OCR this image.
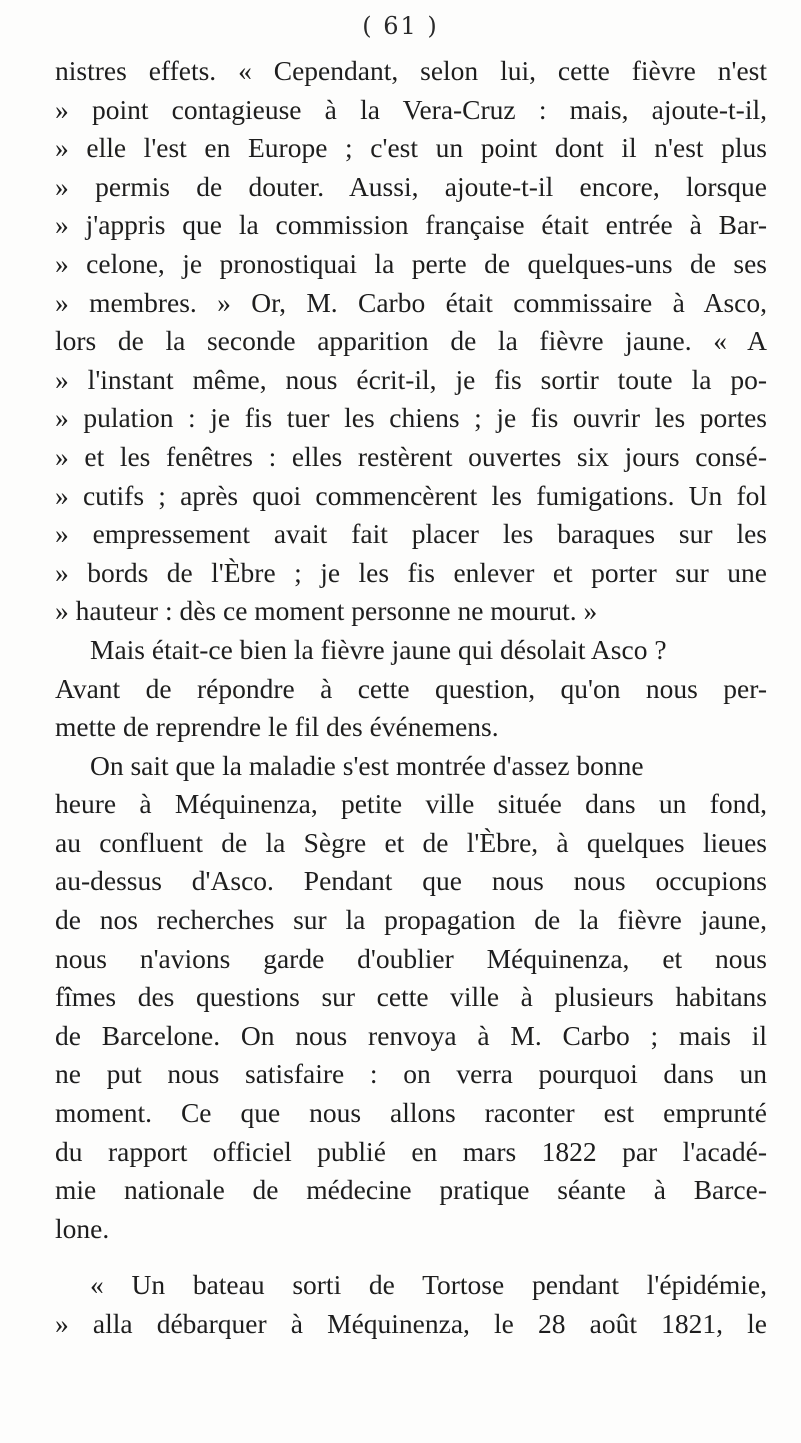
( 61 )
nistres effets. « Cependant, selon lui, cette fièvre n'est
» point contagieuse à la Vera-Cruz : mais, ajoute-t-il,
» elle l'est en Europe ; c'est un point dont il n'est plus
» permis de douter. Aussi, ajoute-t-il encore, lorsque
» j'appris que la commission française était entrée à Bar-
» celone, je pronostiquai la perte de quelques-uns de ses
» membres. » Or, M. Carbo était commissaire à Asco,
lors de la seconde apparition de la fièvre jaune. « A
» l'instant même, nous écrit-il, je fis sortir toute la po-
» pulation : je fis tuer les chiens ; je fis ouvrir les portes
» et les fenêtres : elles restèrent ouvertes six jours consé-
» cutifs ; après quoi commencèrent les fumigations. Un fol
» empressement avait fait placer les baraques sur les
» bords de l'Èbre ; je les fis enlever et porter sur une
» hauteur : dès ce moment personne ne mourut. »
Mais était-ce bien la fièvre jaune qui désolait Asco ?
Avant de répondre à cette question, qu'on nous per-
mette de reprendre le fil des événemens.
On sait que la maladie s'est montrée d'assez bonne
heure à Méquinenza, petite ville située dans un fond,
au confluent de la Sègre et de l'Èbre, à quelques lieues
au-dessus d'Asco. Pendant que nous nous occupions
de nos recherches sur la propagation de la fièvre jaune,
nous n'avions garde d'oublier Méquinenza, et nous
fîmes des questions sur cette ville à plusieurs habitans
de Barcelone. On nous renvoya à M. Carbo ; mais il
ne put nous satisfaire : on verra pourquoi dans un
moment. Ce que nous allons raconter est emprunté
du rapport officiel publié en mars 1822 par l'acadé-
mie nationale de médecine pratique séante à Barce-
lone.
« Un bateau sorti de Tortose pendant l'épidémie,
» alla débarquer à Méquinenza, le 28 août 1821, le
